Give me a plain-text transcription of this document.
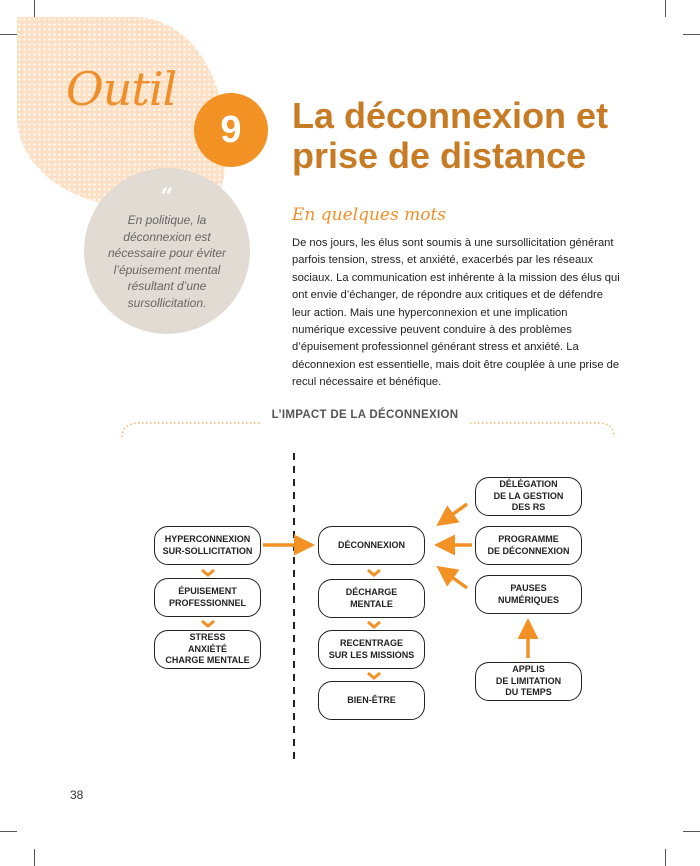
Outil
9
“
En politique, la déconnexion est nécessaire pour éviter l’épuisement mental résultant d’une sursollicitation.
La déconnexion et
prise de distance
En quelques mots
De nos jours, les élus sont soumis à une sursollicitation générant parfois tension, stress, et anxiété, exacerbés par les réseaux sociaux. La communication est inhérente à la mission des élus qui ont envie d’échanger, de répondre aux critiques et de défendre leur action. Mais une hyperconnexion et une implication numérique excessive peuvent conduire à des problèmes d’épuisement professionnel générant stress et anxiété. La déconnexion est essentielle, mais doit être couplée à une prise de recul nécessaire et bénéfique.
L’IMPACT DE LA DÉCONNEXION
HYPERCONNEXION
SUR-SOLLICITATION
ÉPUISEMENT
PROFESSIONNEL
STRESS
ANXIÉTÉ
CHARGE MENTALE
DÉCONNEXION
DÉCHARGE
MENTALE
RECENTRAGE
SUR LES MISSIONS
BIEN-ÊTRE
DÉLÉGATION
DE LA GESTION
DES RS
PROGRAMME
DE DÉCONNEXION
PAUSES
NUMÉRIQUES
APPLIS
DE LIMITATION
DU TEMPS
38
